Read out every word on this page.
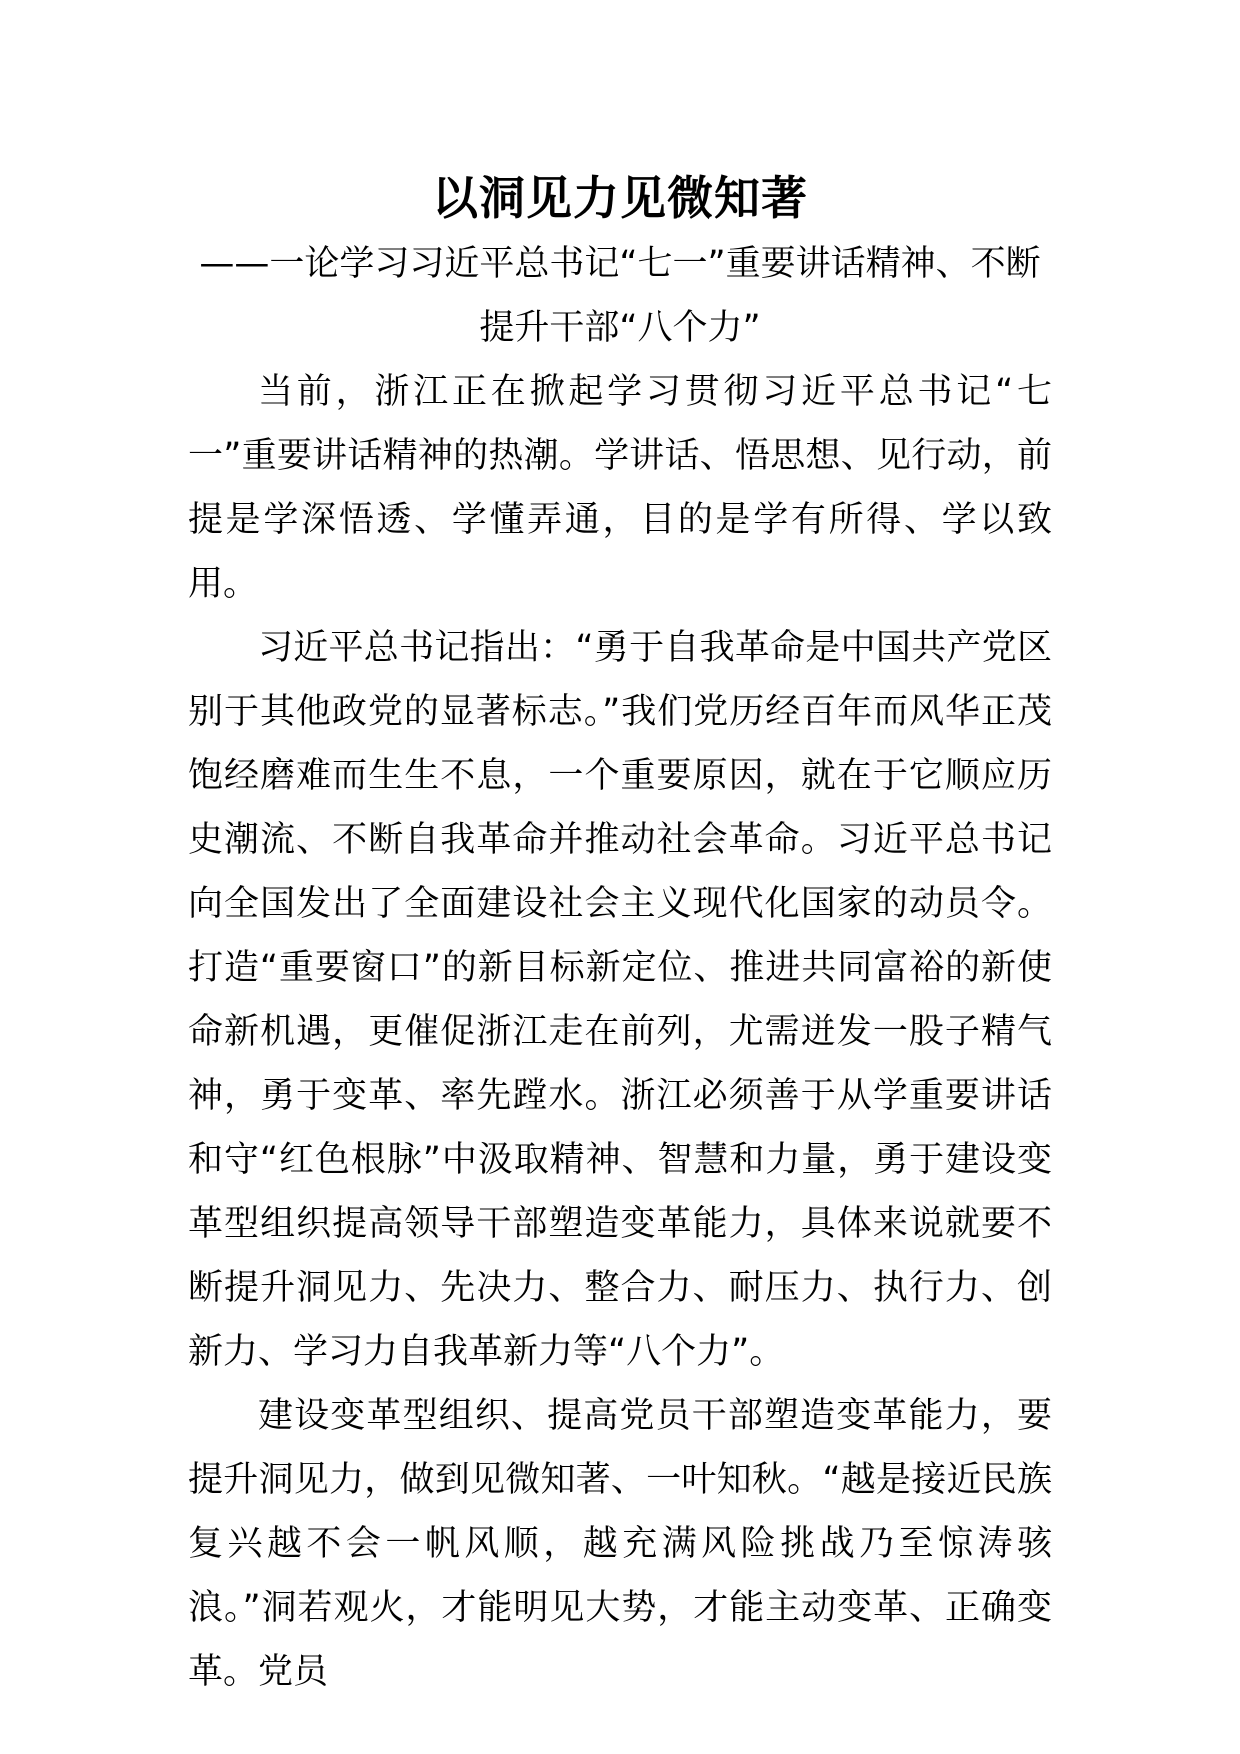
以洞见力见微知著
——一论学习习近平总书记“七一”重要讲话精神、不断
提升干部“八个力”

当前，浙江正在掀起学习贯彻习近平总书记“七一”重要讲话精神的热潮。学讲话、悟思想、见行动，前提是学深悟透、学懂弄通，目的是学有所得、学以致用。

习近平总书记指出：“勇于自我革命是中国共产党区别于其他政党的显著标志。”我们党历经百年而风华正茂饱经磨难而生生不息，一个重要原因，就在于它顺应历史潮流、不断自我革命并推动社会革命。习近平总书记向全国发出了全面建设社会主义现代化国家的动员令。打造“重要窗口”的新目标新定位、推进共同富裕的新使命新机遇，更催促浙江走在前列，尤需迸发一股子精气神，勇于变革、率先蹚水。浙江必须善于从学重要讲话和守“红色根脉”中汲取精神、智慧和力量，勇于建设变革型组织提高领导干部塑造变革能力，具体来说就要不断提升洞见力、先决力、整合力、耐压力、执行力、创新力、学习力自我革新力等“八个力”。

建设变革型组织、提高党员干部塑造变革能力，要提升洞见力，做到见微知著、一叶知秋。“越是接近民族复兴越不会一帆风顺，越充满风险挑战乃至惊涛骇浪。”洞若观火，才能明见大势，才能主动变革、正确变革。党员
